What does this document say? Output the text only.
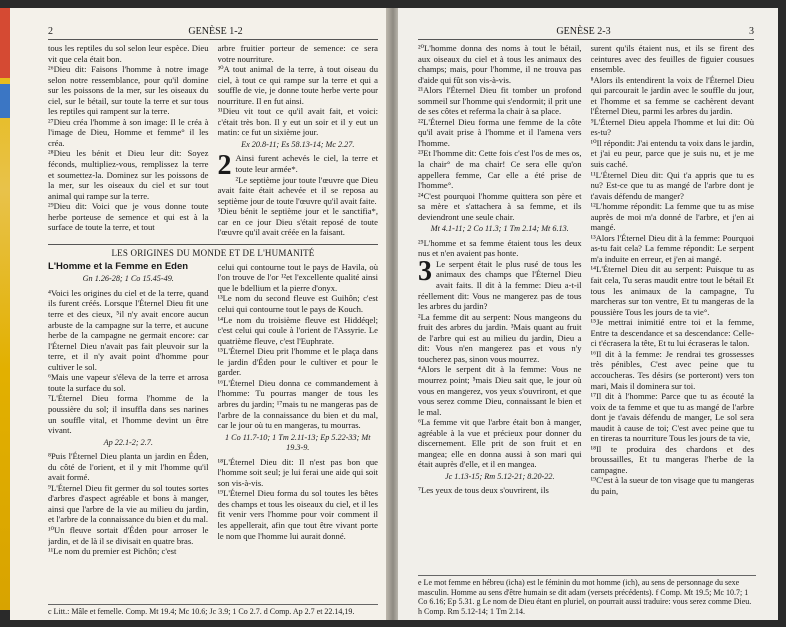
2	GENÈSE 1-2

tous les reptiles du sol selon leur espèce. Dieu vit que cela était bon.

²⁶Dieu dit: Faisons l'homme à notre image selon notre ressemblance, pour qu'il domine sur les poissons de la mer, sur les oiseaux du ciel, sur le bétail, sur toute la terre et sur tous les reptiles qui rampent sur la terre.

²⁷Dieu créa l'homme à son image: Il le créa à l'image de Dieu, Homme et femme° il les créa.

²⁸Dieu les bénit et Dieu leur dit: Soyez féconds, multipliez-vous, remplissez la terre et soumettez-la. Dominez sur les poissons de la mer, sur les oiseaux du ciel et sur tout animal qui rampe sur la terre.

²⁹Dieu dit: Voici que je vous donne toute herbe porteuse de semence et qui est à la surface de toute la terre, et tout

arbre fruitier porteur de semence: ce sera votre nourriture.

³⁰A tout animal de la terre, à tout oiseau du ciel, à tout ce qui rampe sur la terre et qui a souffle de vie, je donne toute herbe verte pour nourriture. Il en fut ainsi.

³¹Dieu vit tout ce qu'il avait fait, et voici: c'était très bon. Il y eut un soir et il y eut un matin: ce fut un sixième jour.

Ex 20.8-11; Es 58.13-14; Mc 2.27.
2 Ainsi furent achevés le ciel, la terre et toute leur armée*.

²Le septième jour toute l'œuvre que Dieu avait faite était achevée et il se reposa au septième jour de toute l'œuvre qu'il avait faite.

³Dieu bénit le septième jour et le sanctifia*, car en ce jour Dieu s'était reposé de toute l'œuvre qu'il avait créée en la faisant.

LES ORIGINES DU MONDE ET DE L'HUMANITÉ
L'Homme et la Femme en Éden
Gn 1.26-28; 1 Co 15.45-49.

⁴Voici les origines du ciel et de la terre, quand ils furent créés. Lorsque l'Éternel Dieu fit une terre et des cieux, ⁵il n'y avait encore aucun arbuste de la campagne sur la terre, et aucune herbe de la campagne ne germait encore: car l'Éternel Dieu n'avait pas fait pleuvoir sur la terre, et il n'y avait point d'homme pour cultiver le sol.

⁶Mais une vapeur s'éleva de la terre et arrosa toute la surface du sol.

⁷L'Éternel Dieu forma l'homme de la poussière du sol; il insuffla dans ses narines un souffle vital, et l'homme devint un être vivant.

Ap 22.1-2; 2.7.

⁸Puis l'Éternel Dieu planta un jardin en Éden, du côté de l'orient, et il y mit l'homme qu'il avait formé.

⁹L'Éternel Dieu fit germer du sol toutes sortes d'arbres d'aspect agréable et bons à manger, ainsi que l'arbre de la vie au milieu du jardin, et l'arbre de la connaissance du bien et du mal.

¹⁰Un fleuve sortait d'Éden pour arroser le jardin, et de là il se divisait en quatre bras.

¹¹Le nom du premier est Pichôn; c'est

celui qui contourne tout le pays de Havila, où l'on trouve de l'or ¹²et l'excellente qualité ainsi que le bdellium et la pierre d'onyx.

¹³Le nom du second fleuve est Guihôn; c'est celui qui contourne tout le pays de Kouch.

¹⁴Le nom du troisième fleuve est Hiddéqel; c'est celui qui coule à l'orient de l'Assyrie. Le quatrième fleuve, c'est l'Euphrate.

¹⁵L'Éternel Dieu prit l'homme et le plaça dans le jardin d'Éden pour le cultiver et pour le garder.

¹⁶L'Éternel Dieu donna ce commandement à l'homme: Tu pourras manger de tous les arbres du jardin; ¹⁷mais tu ne mangeras pas de l'arbre de la connaissance du bien et du mal, car le jour où tu en mangeras, tu mourras.

1 Co 11.7-10; 1 Tm 2.11-13; Ep 5.22-33; Mt 19.3-9.

¹⁸L'Éternel Dieu dit: Il n'est pas bon que l'homme soit seul; je lui ferai une aide qui soit son vis-à-vis.

¹⁹L'Éternel Dieu forma du sol toutes les bêtes des champs et tous les oiseaux du ciel, et il les fit venir vers l'homme pour voir comment il les appellerait, afin que tout être vivant porte le nom que l'homme lui aurait donné.

c Litt.: Mâle et femelle. Comp. Mt 19.4; Mc 10.6; Jc 3.9; 1 Co 2.7. d Comp. Ap 2.7 et 22.14,19.
GENÈSE 2-3	3

²⁰L'homme donna des noms à tout le bétail, aux oiseaux du ciel et à tous les animaux des champs; mais, pour l'homme, il ne trouva pas d'aide qui fût son vis-à-vis.

²¹Alors l'Éternel Dieu fit tomber un profond sommeil sur l'homme qui s'endormit; il prit une de ses côtes et referma la chair à sa place.

²²L'Éternel Dieu forma une femme de la côte qu'il avait prise à l'homme et il l'amena vers l'homme.

²³Et l'homme dit: Cette fois c'est l'os de mes os, la chair° de ma chair! Ce sera elle qu'on appellera femme, Car elle a été prise de l'homme°.

²⁴C'est pourquoi l'homme quittera son père et sa mère et s'attachera à sa femme, et ils deviendront une seule chair.

Mt 4.1-11; 2 Co 11.3; 1 Tm 2.14; Mt 6.13.

²⁵L'homme et sa femme étaient tous les deux nus et n'en avaient pas honte.

3 Le serpent était le plus rusé de tous les animaux des champs que l'Éternel Dieu avait faits. Il dit à la femme: Dieu a-t-il réellement dit: Vous ne mangerez pas de tous les arbres du jardin?

²La femme dit au serpent: Nous mangeons du fruit des arbres du jardin. ³Mais quant au fruit de l'arbre qui est au milieu du jardin, Dieu a dit: Vous n'en mangerez pas et vous n'y toucherez pas, sinon vous mourrez.

⁴Alors le serpent dit à la femme: Vous ne mourrez point; ⁵mais Dieu sait que, le jour où vous en mangerez, vos yeux s'ouvriront, et que vous serez comme Dieu, connaissant le bien et le mal.

⁶La femme vit que l'arbre était bon à manger, agréable à la vue et précieux pour donner du discernement. Elle prit de son fruit et en mangea; elle en donna aussi à son mari qui était auprès d'elle, et il en mangea.

Jc 1.13-15; Rm 5.12-21; 8.20-22.

⁷Les yeux de tous deux s'ouvrirent, ils

surent qu'ils étaient nus, et ils se firent des ceintures avec des feuilles de figuier cousues ensemble.

⁸Alors ils entendirent la voix de l'Éternel Dieu qui parcourait le jardin avec le souffle du jour, et l'homme et sa femme se cachèrent devant l'Éternel Dieu, parmi les arbres du jardin.

⁹L'Éternel Dieu appela l'homme et lui dit: Où es-tu?

¹⁰Il répondit: J'ai entendu ta voix dans le jardin, et j'ai eu peur, parce que je suis nu, et je me suis caché.

¹¹L'Éternel Dieu dit: Qui t'a appris que tu es nu? Est-ce que tu as mangé de l'arbre dont je t'avais défendu de manger?

¹²L'homme répondit: La femme que tu as mise auprès de moi m'a donné de l'arbre, et j'en ai mangé.

¹³Alors l'Éternel Dieu dit à la femme: Pourquoi as-tu fait cela? La femme répondit: Le serpent m'a induite en erreur, et j'en ai mangé.

¹⁴L'Éternel Dieu dit au serpent: Puisque tu as fait cela, Tu seras maudit entre tout le bétail Et tous les animaux de la campagne, Tu marcheras sur ton ventre, Et tu mangeras de la poussière Tous les jours de ta vie°.

¹⁵Je mettrai inimitié entre toi et la femme, Entre ta descendance et sa descendance: Celle-ci t'écrasera la tête, Et tu lui écraseras le talon.

¹⁶Il dit à la femme: Je rendrai tes grossesses très pénibles, C'est avec peine que tu accoucheras. Tes désirs (se porteront) vers ton mari, Mais il dominera sur toi.

¹⁷Il dit à l'homme: Parce que tu as écouté la voix de ta femme et que tu as mangé de l'arbre dont je t'avais défendu de manger, Le sol sera maudit à cause de toi; C'est avec peine que tu en tireras ta nourriture Tous les jours de ta vie,

¹⁸Il te produira des chardons et des broussailles, Et tu mangeras l'herbe de la campagne.

¹⁹C'est à la sueur de ton visage que tu mangeras du pain,

e Le mot femme en hébreu (icha) est le féminin du mot homme (ich), au sens de personnage du sexe masculin. Homme au sens d'être humain se dit adam (versets précédents). f Comp. Mt 19.5; Mc 10.7; 1 Co 6.16; Ep 5.31. g Le nom de Dieu étant en pluriel, on pourrait aussi traduire: vous serez comme Dieu. h Comp. Rm 5.12-14; 1 Tm 2.14.
